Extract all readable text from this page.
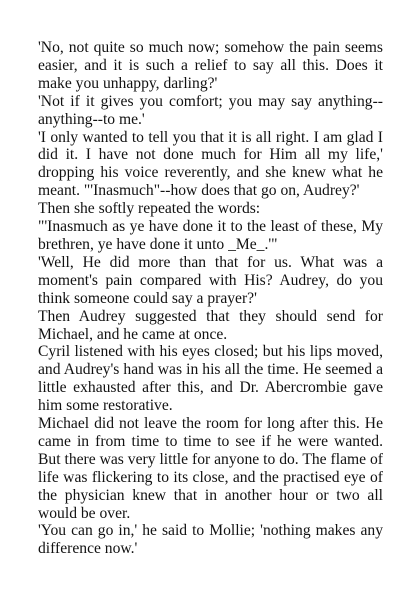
'No, not quite so much now; somehow the pain seems easier, and it is such a relief to say all this. Does it make you unhappy, darling?'

'Not if it gives you comfort; you may say anything--anything--to me.'

'I only wanted to tell you that it is all right. I am glad I did it. I have not done much for Him all my life,' dropping his voice reverently, and she knew what he meant. "'Inasmuch"--how does that go on, Audrey?'

Then she softly repeated the words:

"'Inasmuch as ye have done it to the least of these, My brethren, ye have done it unto _Me_.'"

'Well, He did more than that for us. What was a moment's pain compared with His? Audrey, do you think someone could say a prayer?'

Then Audrey suggested that they should send for Michael, and he came at once.

Cyril listened with his eyes closed; but his lips moved, and Audrey's hand was in his all the time. He seemed a little exhausted after this, and Dr. Abercrombie gave him some restorative.

Michael did not leave the room for long after this. He came in from time to time to see if he were wanted. But there was very little for anyone to do. The flame of life was flickering to its close, and the practised eye of the physician knew that in another hour or two all would be over.

'You can go in,' he said to Mollie; 'nothing makes any difference now.'
